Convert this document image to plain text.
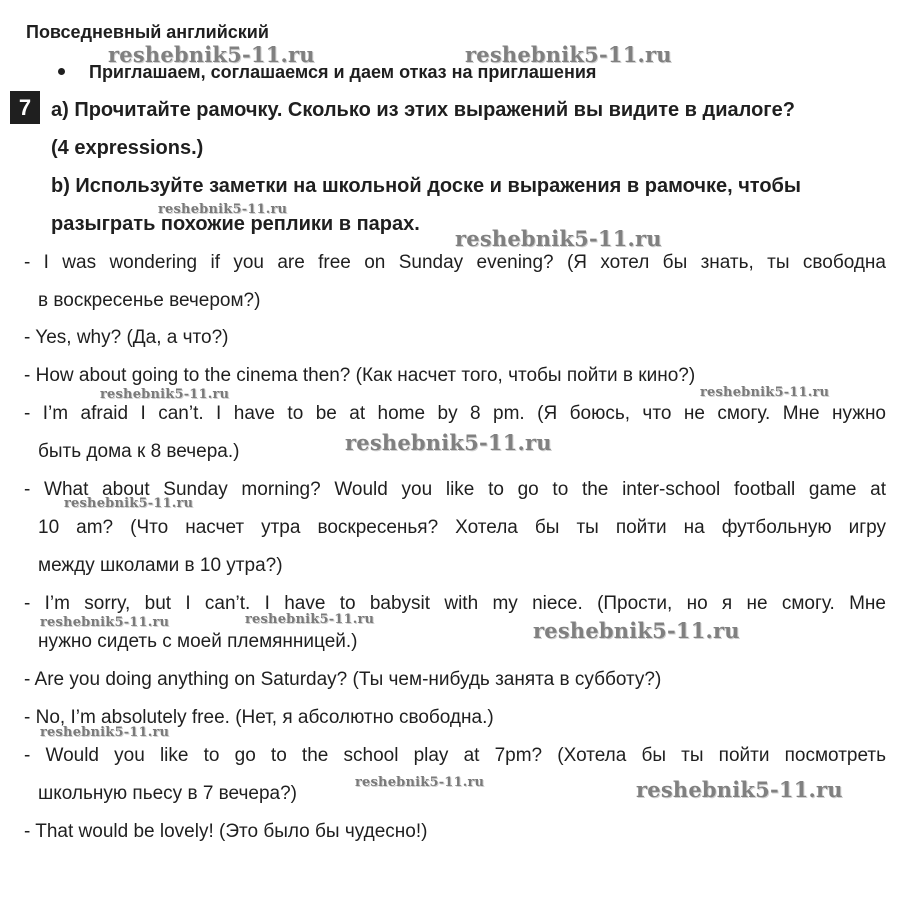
Повседневный английский
Приглашаем, соглашаемся и даем отказ на приглашения
7 a) Прочитайте рамочку. Сколько из этих выражений вы видите в диалоге?
(4 expressions.)
b) Используйте заметки на школьной доске и выражения в рамочке, чтобы
разыграть похожие реплики в парах.
- I was wondering if you are free on Sunday evening? (Я хотел бы знать, ты свободна
в воскресенье вечером?)
- Yes, why? (Да, а что?)
- How about going to the cinema then? (Как насчет того, чтобы пойти в кино?)
- I’m afraid I can’t. I have to be at home by 8 pm. (Я боюсь, что не смогу. Мне нужно
быть дома к 8 вечера.)
- What about Sunday morning? Would you like to go to the inter-school football game at
10 am? (Что насчет утра воскресенья? Хотела бы ты пойти на футбольную игру
между школами в 10 утра?)
- I’m sorry, but I can’t. I have to babysit with my niece. (Прости, но я не смогу. Мне
нужно сидеть с моей племянницей.)
- Are you doing anything on Saturday? (Ты чем-нибудь занята в субботу?)
- No, I’m absolutely free. (Нет, я абсолютно свободна.)
- Would you like to go to the school play at 7pm? (Хотела бы ты пойти посмотреть
школьную пьесу в 7 вечера?)
- That would be lovely! (Это было бы чудесно!)
reshebnik5-11.ru	reshebnik5-11.ru
reshebnik5-11.ru
reshebnik5-11.ru
reshebnik5-11.ru	reshebnik5-11.ru
reshebnik5-11.ru
reshebnik5-11.ru
reshebnik5-11.ru	reshebnik5-11.ru	reshebnik5-11.ru
reshebnik5-11.ru
reshebnik5-11.ru	reshebnik5-11.ru
